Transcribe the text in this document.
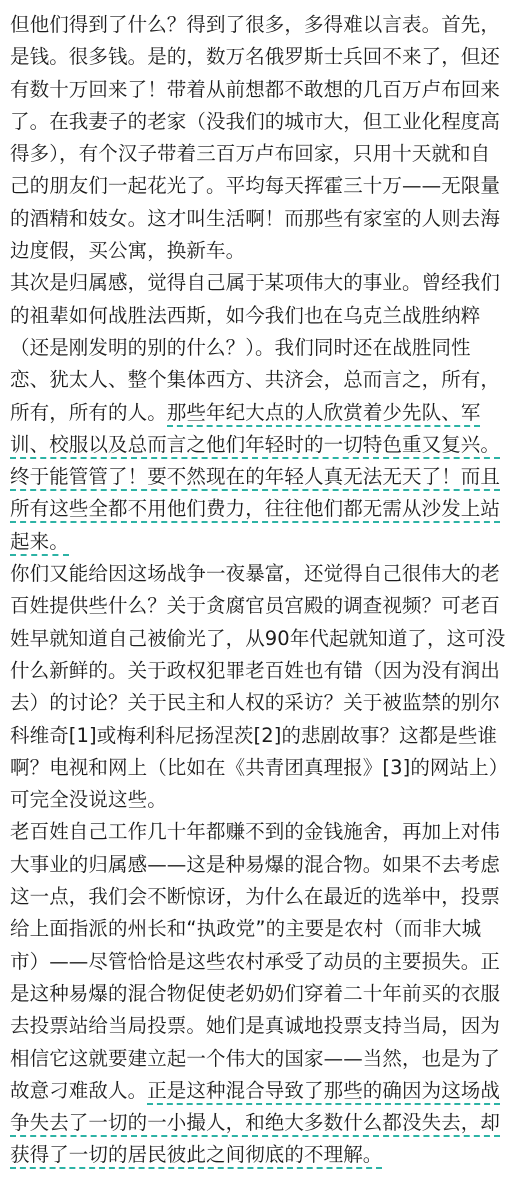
但他们得到了什么？得到了很多，多得难以言表。首先，是钱。很多钱。是的，数万名俄罗斯士兵回不来了，但还有数十万回来了！带着从前想都不敢想的几百万卢布回来了。在我妻子的老家（没我们的城市大，但工业化程度高得多），有个汉子带着三百万卢布回家，只用十天就和自己的朋友们一起花光了。平均每天挥霍三十万——无限量的酒精和妓女。这才叫生活啊！而那些有家室的人则去海边度假，买公寓，换新车。

其次是归属感，觉得自己属于某项伟大的事业。曾经我们的祖辈如何战胜法西斯，如今我们也在乌克兰战胜纳粹（还是刚发明的别的什么？）。我们同时还在战胜同性恋、犹太人、整个集体西方、共济会，总而言之，所有，所有，所有的人。那些年纪大点的人欣赏着少先队、军训、校服以及总而言之他们年轻时的一切特色重又复兴。终于能管管了！要不然现在的年轻人真无法无天了！而且所有这些全都不用他们费力，往往他们都无需从沙发上站起来。

你们又能给因这场战争一夜暴富，还觉得自己很伟大的老百姓提供些什么？关于贪腐官员宫殿的调查视频？可老百姓早就知道自己被偷光了，从90年代起就知道了，这可没什么新鲜的。关于政权犯罪老百姓也有错（因为没有润出去）的讨论？关于民主和人权的采访？关于被监禁的别尔科维奇[1]或梅利科尼扬涅茨[2]的悲剧故事？这都是些谁啊？电视和网上（比如在《共青团真理报》[3]的网站上）可完全没说这些。

老百姓自己工作几十年都赚不到的金钱施舍，再加上对伟大事业的归属感——这是种易爆的混合物。如果不去考虑这一点，我们会不断惊讶，为什么在最近的选举中，投票给上面指派的州长和“执政党”的主要是农村（而非大城市）——尽管恰恰是这些农村承受了动员的主要损失。正是这种易爆的混合物促使老奶奶们穿着二十年前买的衣服去投票站给当局投票。她们是真诚地投票支持当局，因为相信它这就要建立起一个伟大的国家——当然，也是为了故意刁难敌人。正是这种混合导致了那些的确因为这场战争失去了一切的一小撮人，和绝大多数什么都没失去，却获得了一切的居民彼此之间彻底的不理解。
